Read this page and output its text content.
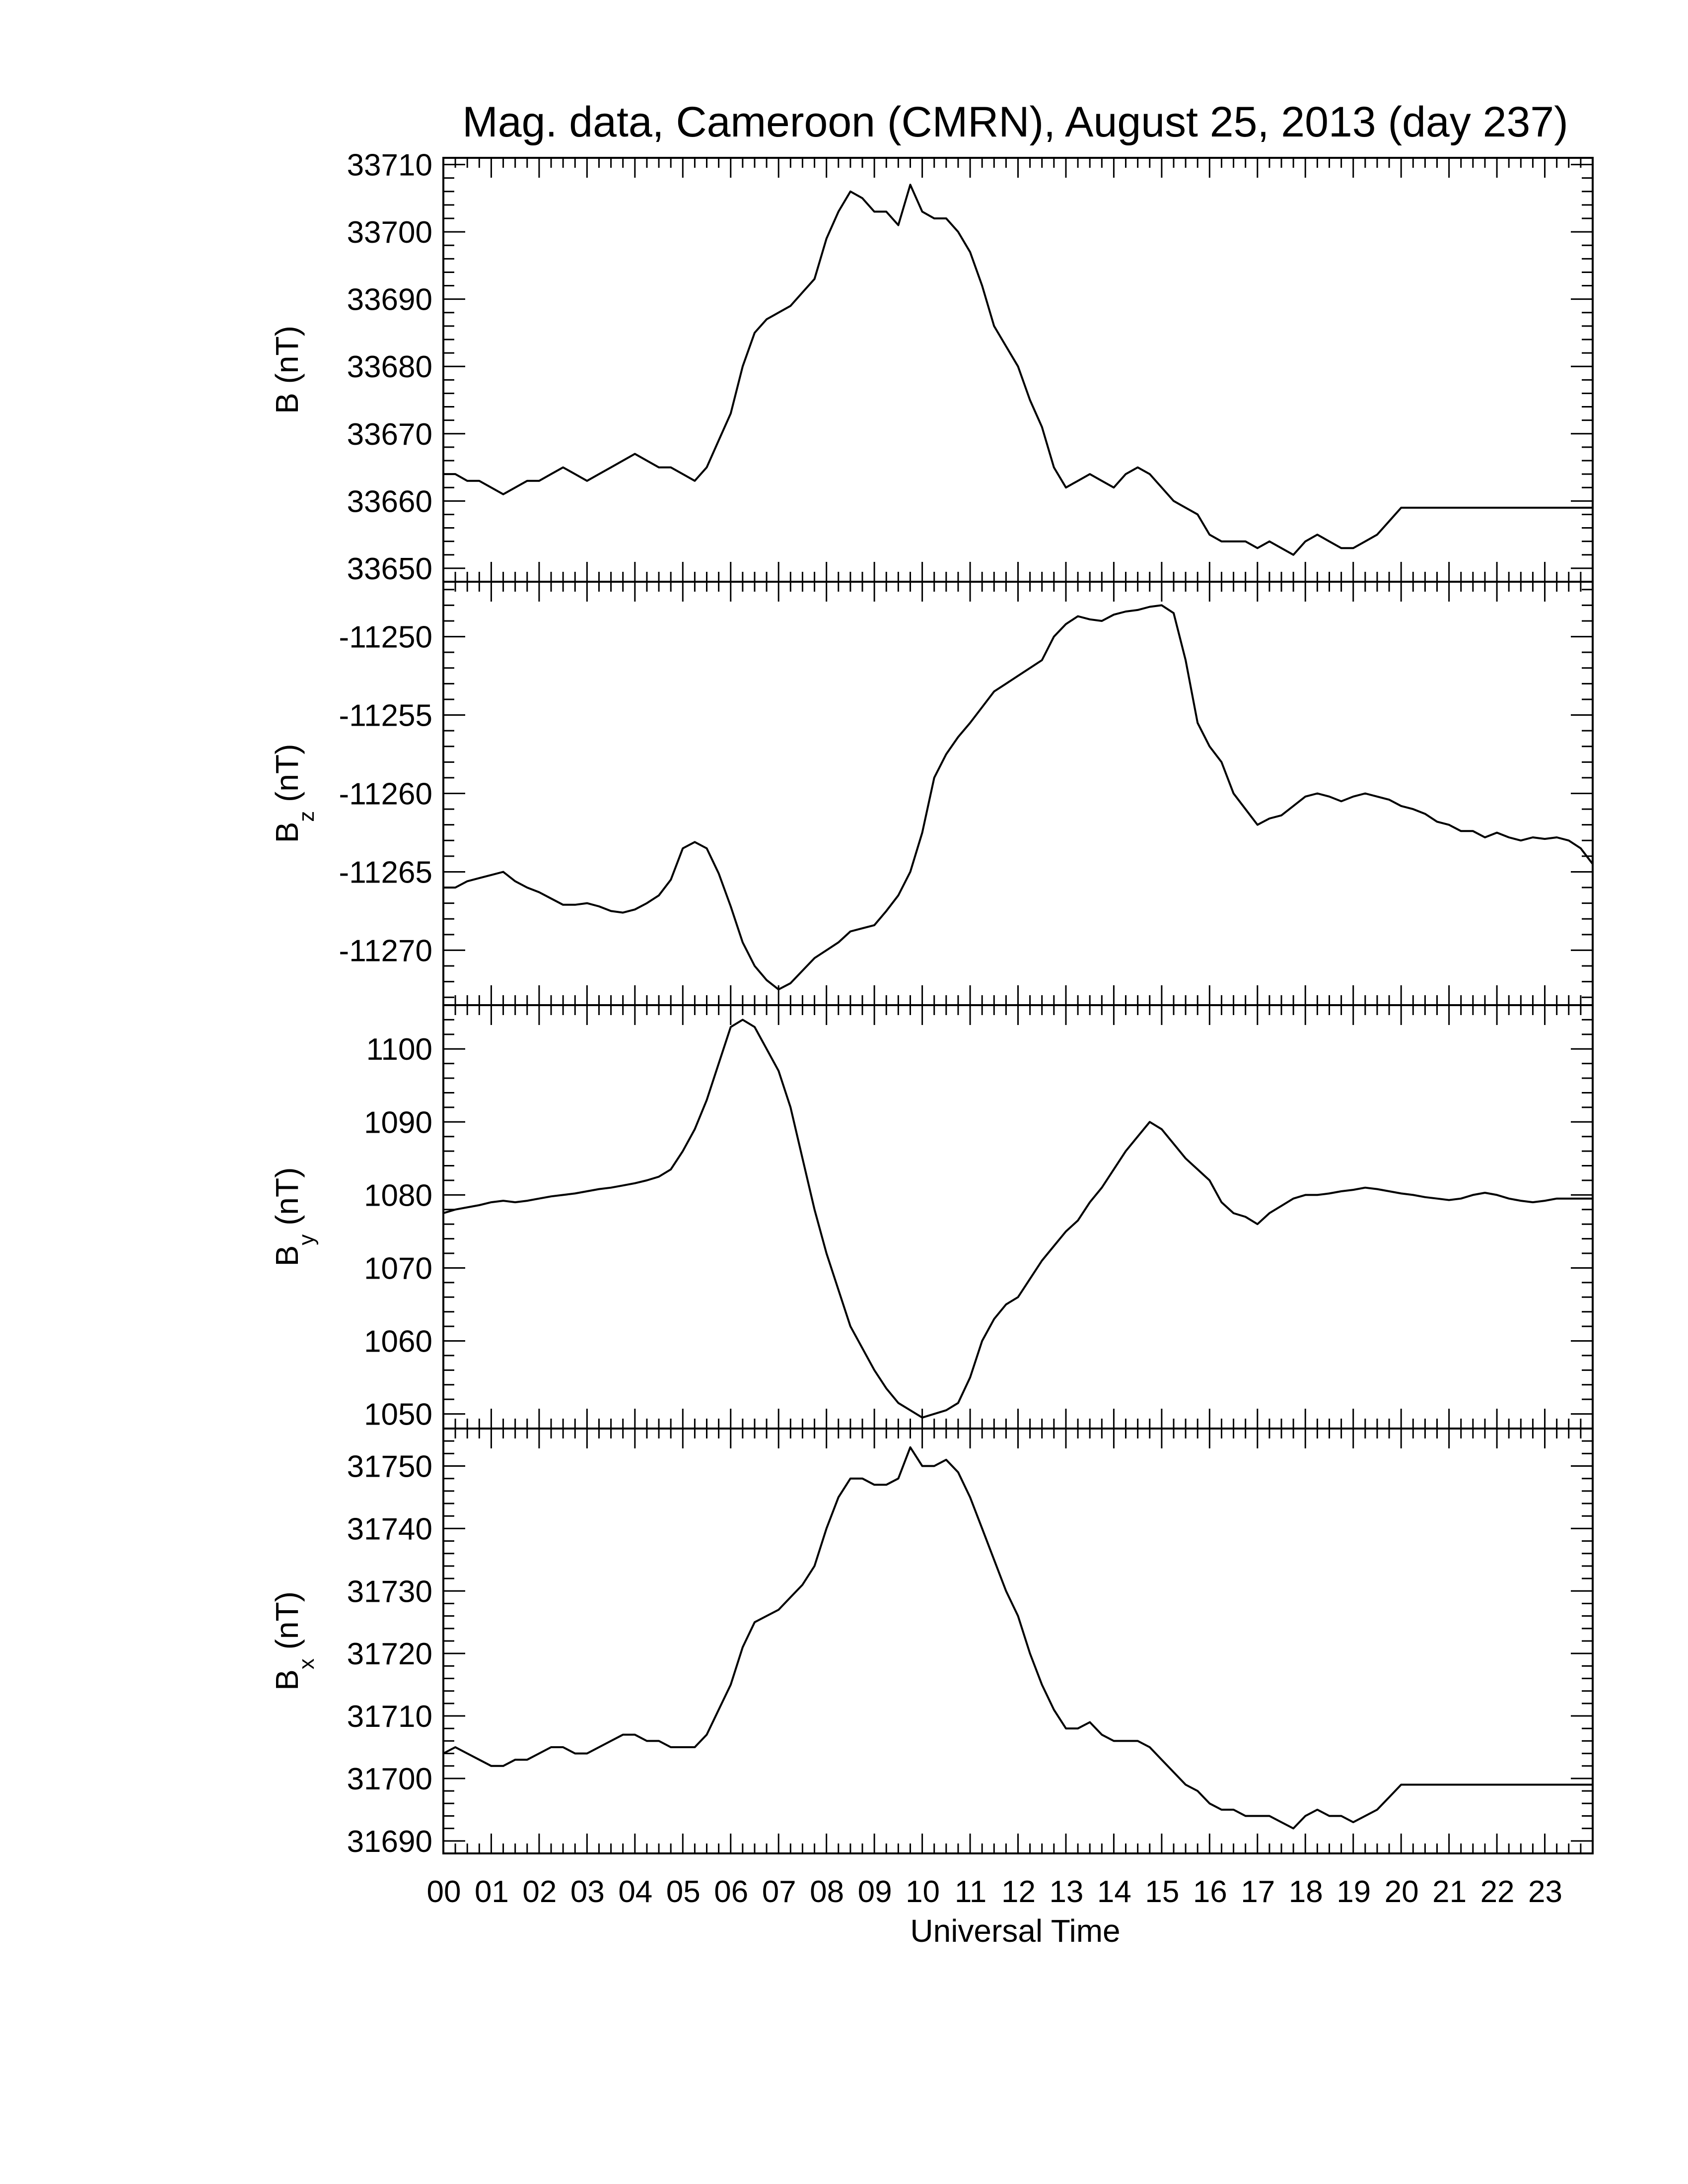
Mag. data, Cameroon (CMRN), August 25, 2013 (day 237)
33650
33660
33670
33680
33690
33700
33710
B (nT)
-11250
-11255
-11260
-11265
-11270
$B_z$ (nT)
1050
1060
1070
1080
1090
1100
$B_y$ (nT)
31690
31700
31710
31720
31730
31740
31750
$B_x$ (nT)
Universal Time
00 01 02 03 04 05 06 07 08 09 10 11 12 13 14 15 16 17 18 19 20 21 22 23
